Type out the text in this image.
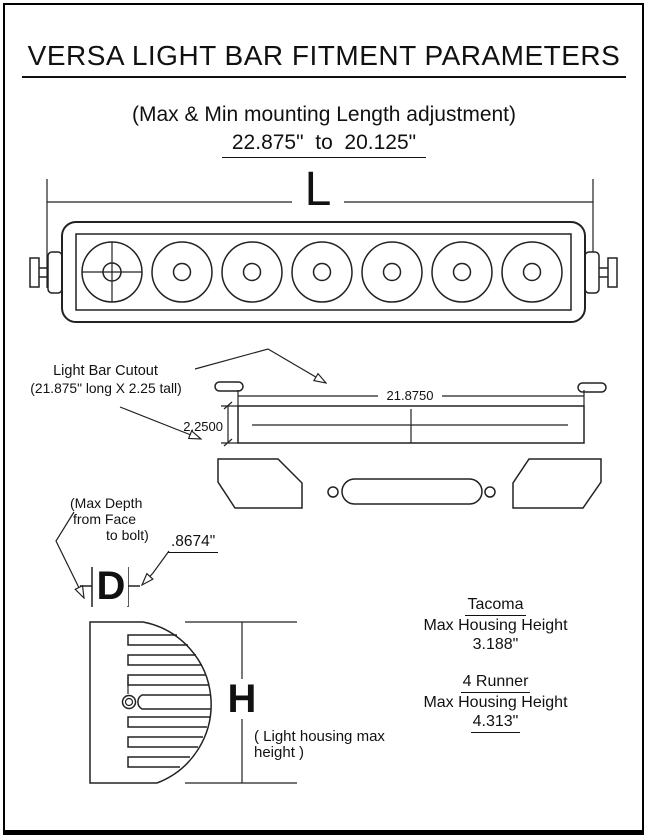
VERSA LIGHT BAR FITMENT PARAMETERS
(Max & Min mounting Length adjustment)
22.875"  to  20.125"
L
Light Bar Cutout
(21.875" long X 2.25 tall)	21.8750
2.2500
(Max Depth
from Face
to bolt) .8674"
D
H
( Light housing max
height )
Tacoma
Max Housing Height
3.188"
4 Runner
Max Housing Height
4.313"
